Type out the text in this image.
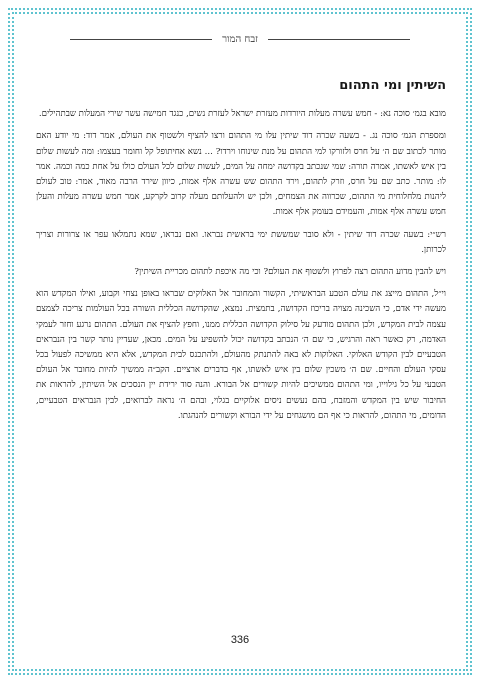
זבח המור
השיתין ומי התהום

מובא בגמ׳ סוכה נא: - חמש עשרה מעלות היורדות מעזרת ישראל לעזרת נשים, כנגד חמישה עשר שירי המעלות שבתהילים.

ומספרת הגמ׳ סוכה נג. - בשעה שכרה דוד שיתין עלו מי התהום ורצו להציף ולשטוף את העולם, אמר דוד: מי יודע האם מותר לכתוב שם ה׳ על חרס ולזורקו למי התהום על מנת שינוחו וירדו? ... נשא אחיתופל קל וחומר בעצמו: ומה לעשות שלום בין איש לאשתו, אמרה תורה: שמי שנכתב בקדושה ימחה על המים, לעשות שלום לכל העולם כולו על אחת כמה וכמה. אמר לו: מותר. כתב שם על חרס, וזרק לתהום, וירד התהום שש עשרה אלף אמות, כיוון שירד הרבה מאוד, אמר: טוב לעולם ליהנות מלחלוחית מי התהום, שכרווה את הצמחים, ולכן יש ולהעלותם מעלה קרוב לקרקע, אמר חמש עשרה מעלות והעלן חמש עשרה אלף אמות, והעמידם בעומק אלף אמות.

רש״י: בשעה שכרה דוד שיתין - ולא סובר שמששת ימי בראשית נבראו. ואם נבראו, שמא נתמלאו עפר או צרורות וצריך לכרותן.

ויש להבין מדוע התהום רצה לפרוץ ולשטוף את העולם? וכי מה איכפת לתהום מכריית השיתין?

וי״ל, התהום מייצג את עולם הטבע הבראשיתי, הקשור והמחובר אל האלוקים שבראו באופן נצחי וקבוע, ואילו המקדש הוא מעשה ידי אדם, כי השכינה מצויה בריכוז הקדושה, בתמצית. נמצא, שהקדושה הכללית השורה בכל העולמות צריכה לצמצם עצמה לבית המקדש, ולכן התהום מודעק על סילוק הקדושה הכללית ממנו, וחפץ להציף את העולם. התהום נרגע וחזר לעמקי האדמה, רק כאשר ראה והרגיש, כי שם ה׳ הנכתב בקדושה יכול להשפיע על המים. מכאן, שעדיין נותר קשר בין הנבראים הטבעיים לבין הקודש האלוקי. האלוקות לא באה להתנתק מהעולם, ולהתכנס לבית המקדש, אלא היא ממשיכה לפעול בכל עסקי העולם והחיים. שם ה׳ משכין שלום בין איש לאשתו, אף בדברים ארציים. הקב״ה ממשיך להיות מחובר אל העולם הטבעי על כל גילוייו, ומי התהום ממשיכים להיות קשורים אל הבורא. והנה סוד ירידת יין הנסכים אל השיתין, להראות את החיבור שיש בין המקדש והמזבח, בהם נעשים ניסים אלוקיים בגלוי, ובהם ה׳ נראה לברואים, לבין הנבראים הטבעיים, הדומים, מי התהום, להראות כי אף הם מושגחים על ידי הבורא וקשורים להנהגתו.

336
